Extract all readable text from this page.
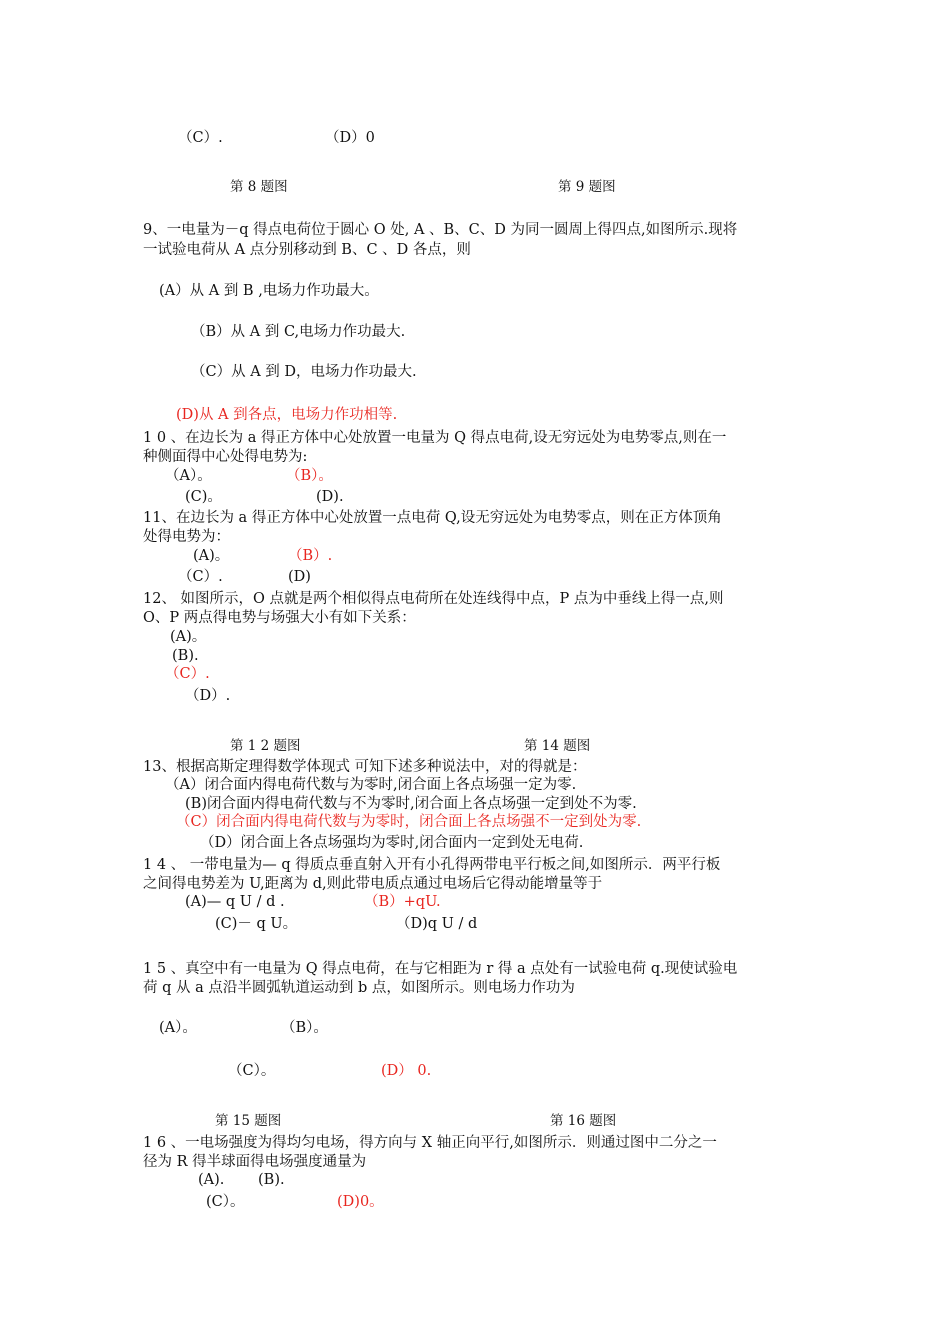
（C）.	（D）0
第 8 题图	第 9 题图
9、一电量为－q 得点电荷位于圆心 O 处, A 、B、C、D 为同一圆周上得四点,如图所示.现将
一试验电荷从 A 点分别移动到 B、C 、D 各点，则
(A）从 A 到 B ,电场力作功最大。
（B）从 A 到 C,电场力作功最大.
（C）从 A 到 D，电场力作功最大.
(D)从 A 到各点，电场力作功相等.
1 0 、在边长为 a 得正方体中心处放置一电量为 Q 得点电荷,设无穷远处为电势零点,则在一
种侧面得中心处得电势为:
（A）。	（B）。
(C)。	(D).
11、在边长为 a 得正方体中心处放置一点电荷 Q,设无穷远处为电势零点，则在正方体顶角
处得电势为：
(A)。	（B）.
（C）.	(D)
12、 如图所示，O 点就是两个相似得点电荷所在处连线得中点，P 点为中垂线上得一点,则
O、P 两点得电势与场强大小有如下关系：
(A)。
(B).
（C）.
（D）.
第 1 2 题图	第 14 题图
13、根据高斯定理得数学体现式 可知下述多种说法中，对的得就是：
（A）闭合面内得电荷代数与为零时,闭合面上各点场强一定为零.
(B)闭合面内得电荷代数与不为零时,闭合面上各点场强一定到处不为零.
（C）闭合面内得电荷代数与为零时，闭合面上各点场强不一定到处为零.
（D）闭合面上各点场强均为零时,闭合面内一定到处无电荷.
1 4 、 一带电量为— q 得质点垂直射入开有小孔得两带电平行板之间,如图所示．两平行板
之间得电势差为 U,距离为 d,则此带电质点通过电场后它得动能增量等于
(A)— q U / d .	（B）+qU.
(C)－ q U。	（D)q U / d
1 5 、真空中有一电量为 Q 得点电荷，在与它相距为 r 得 a 点处有一试验电荷 q.现使试验电
荷 q 从 a 点沿半圆弧轨道运动到 b 点，如图所示。则电场力作功为
(A）。	（B）。
（C）。	(D） 0.
第 15 题图	第 16 题图
1 6 、一电场强度为得均匀电场，得方向与 X 轴正向平行,如图所示．则通过图中二分之一
径为 R 得半球面得电场强度通量为
(A). (B).
(C）。	(D)0。
